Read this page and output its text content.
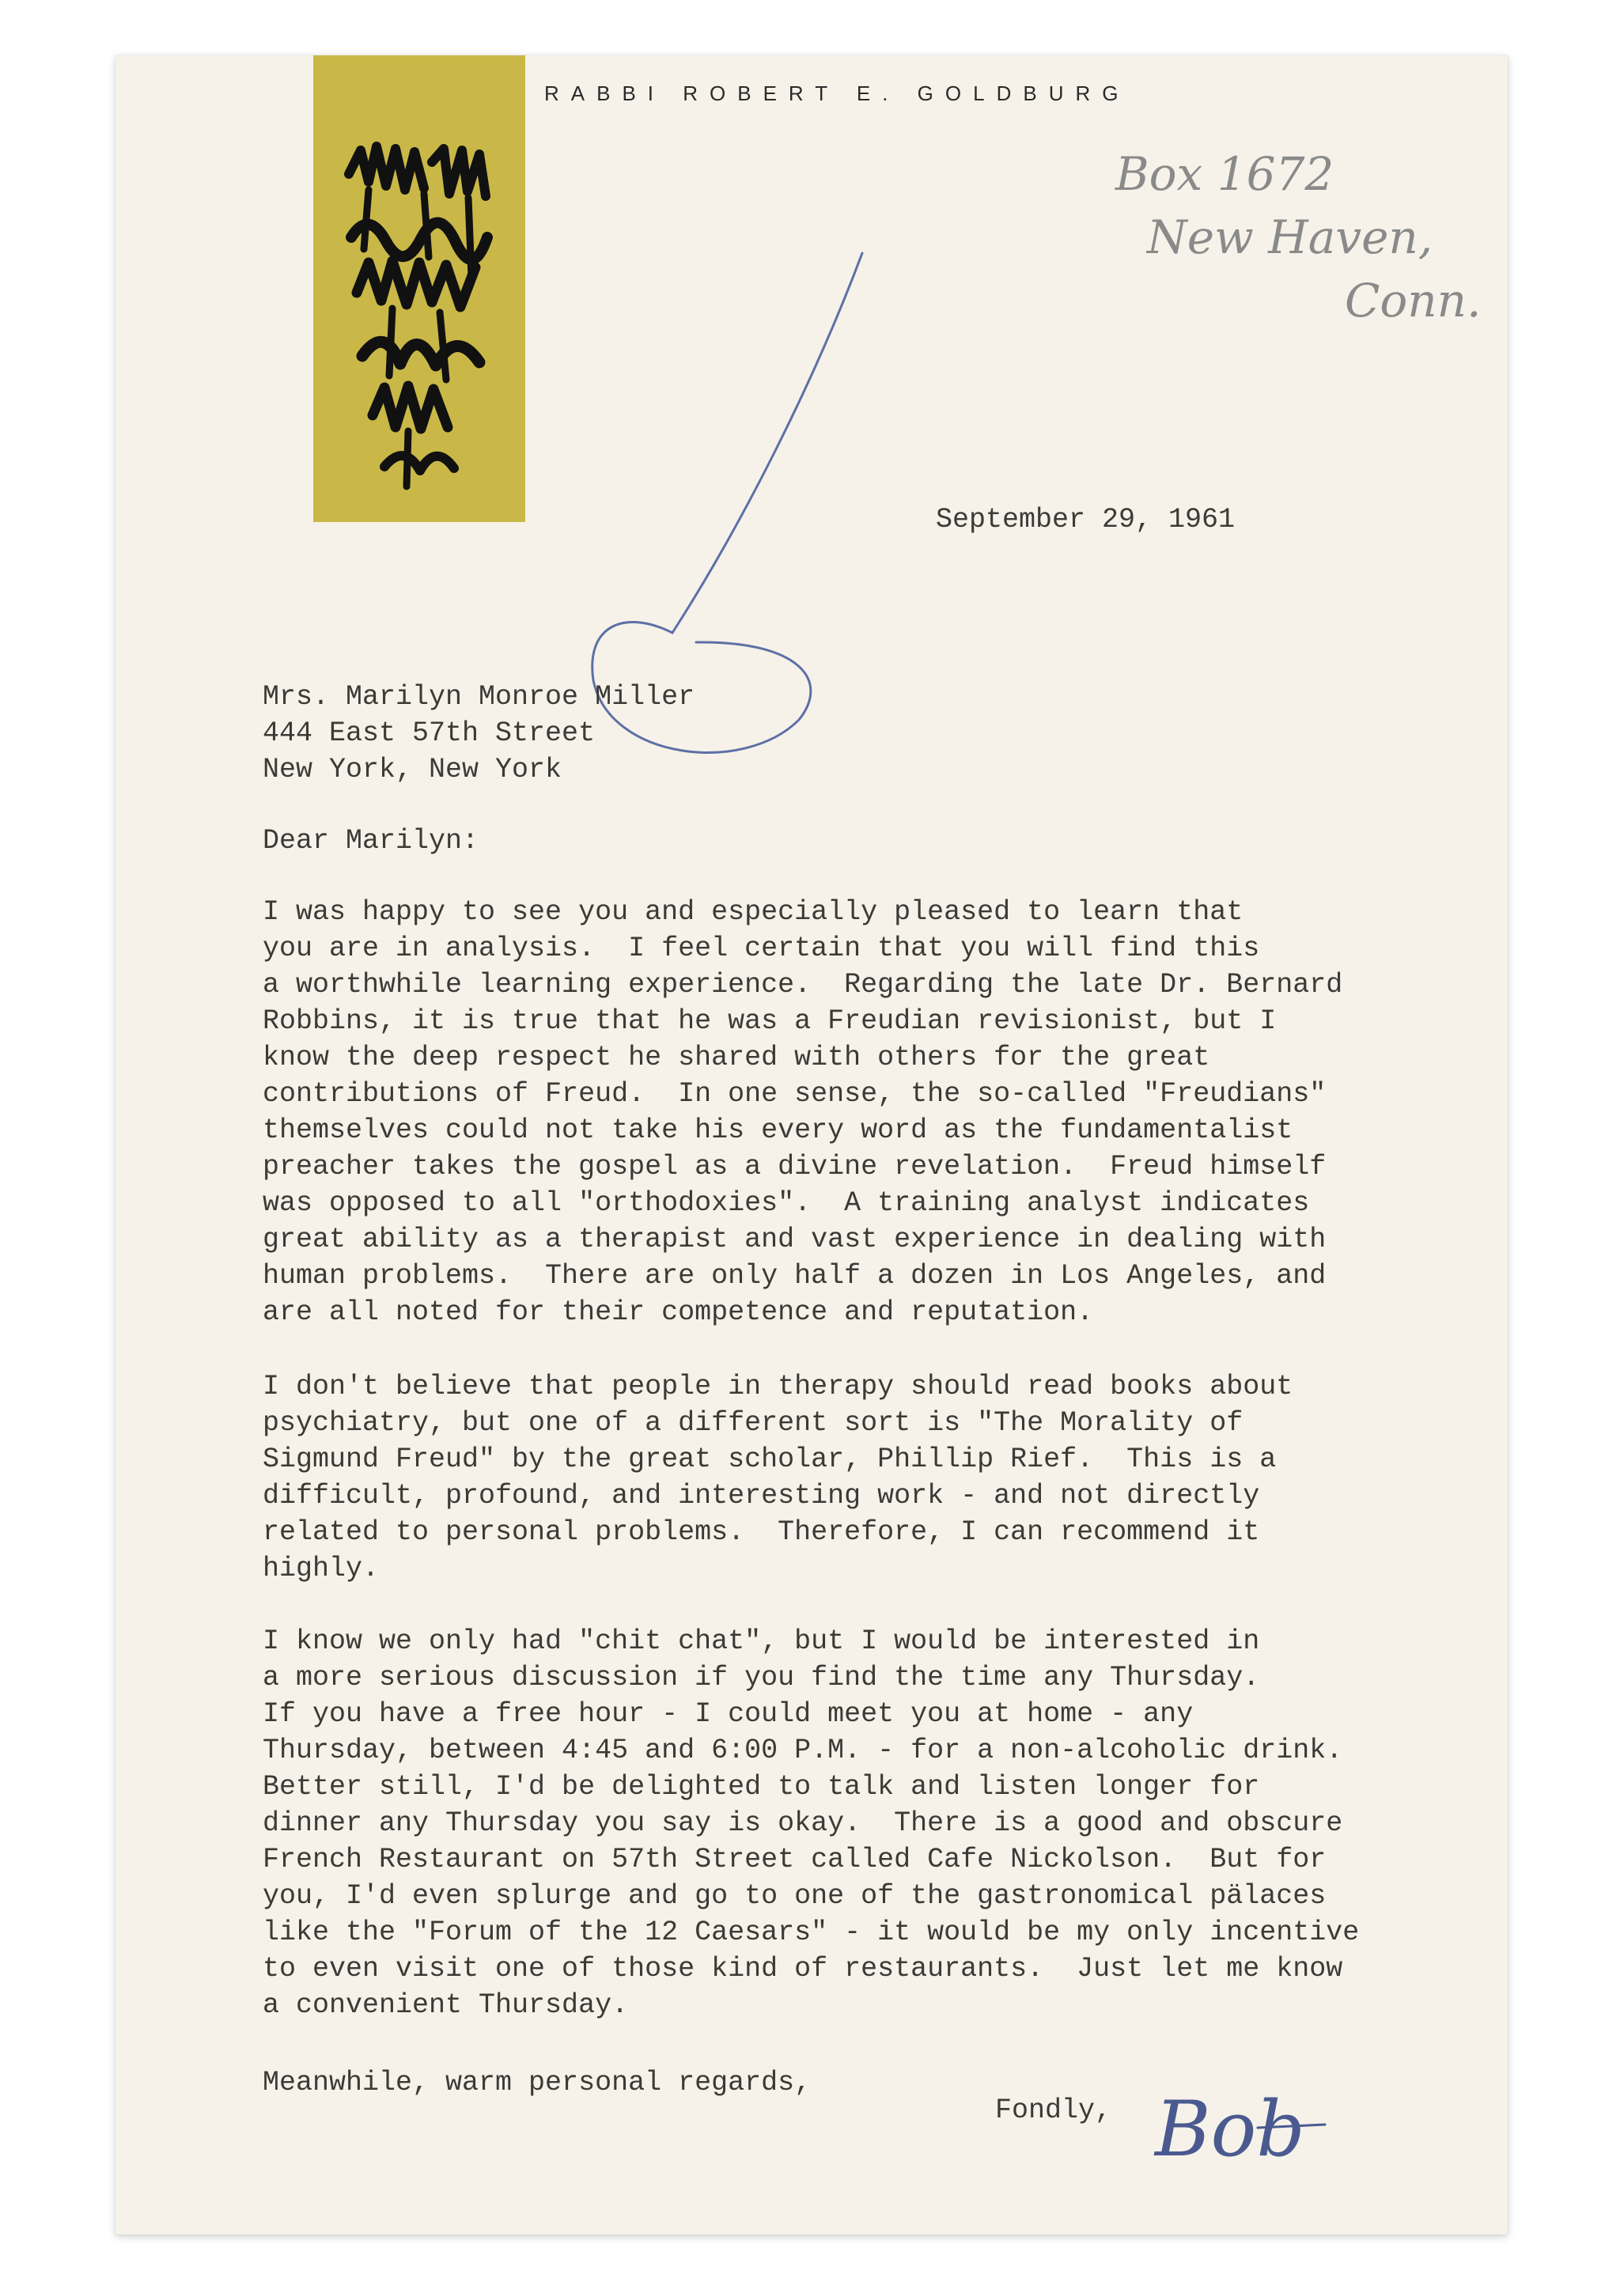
RABBI ROBERT E. GOLDBURG
Box 1672
New Haven,
Conn.
September 29, 1961
Mrs. Marilyn Monroe Miller
444 East 57th Street
New York, New York
Dear Marilyn:
I was happy to see you and especially pleased to learn that
you are in analysis.  I feel certain that you will find this
a worthwhile learning experience.  Regarding the late Dr. Bernard
Robbins, it is true that he was a Freudian revisionist, but I
know the deep respect he shared with others for the great
contributions of Freud.  In one sense, the so-called "Freudians"
themselves could not take his every word as the fundamentalist
preacher takes the gospel as a divine revelation.  Freud himself
was opposed to all "orthodoxies".  A training analyst indicates
great ability as a therapist and vast experience in dealing with
human problems.  There are only half a dozen in Los Angeles, and
are all noted for their competence and reputation.
I don't believe that people in therapy should read books about
psychiatry, but one of a different sort is "The Morality of
Sigmund Freud" by the great scholar, Phillip Rief.  This is a
difficult, profound, and interesting work - and not directly
related to personal problems.  Therefore, I can recommend it
highly.
I know we only had "chit chat", but I would be interested in
a more serious discussion if you find the time any Thursday.
If you have a free hour - I could meet you at home - any
Thursday, between 4:45 and 6:00 P.M. - for a non-alcoholic drink.
Better still, I'd be delighted to talk and listen longer for
dinner any Thursday you say is okay.  There is a good and obscure
French Restaurant on 57th Street called Cafe Nickolson.  But for
you, I'd even splurge and go to one of the gastronomical pälaces
like the "Forum of the 12 Caesars" - it would be my only incentive
to even visit one of those kind of restaurants.  Just let me know
a convenient Thursday.
Meanwhile, warm personal regards,
Fondly, Bob
